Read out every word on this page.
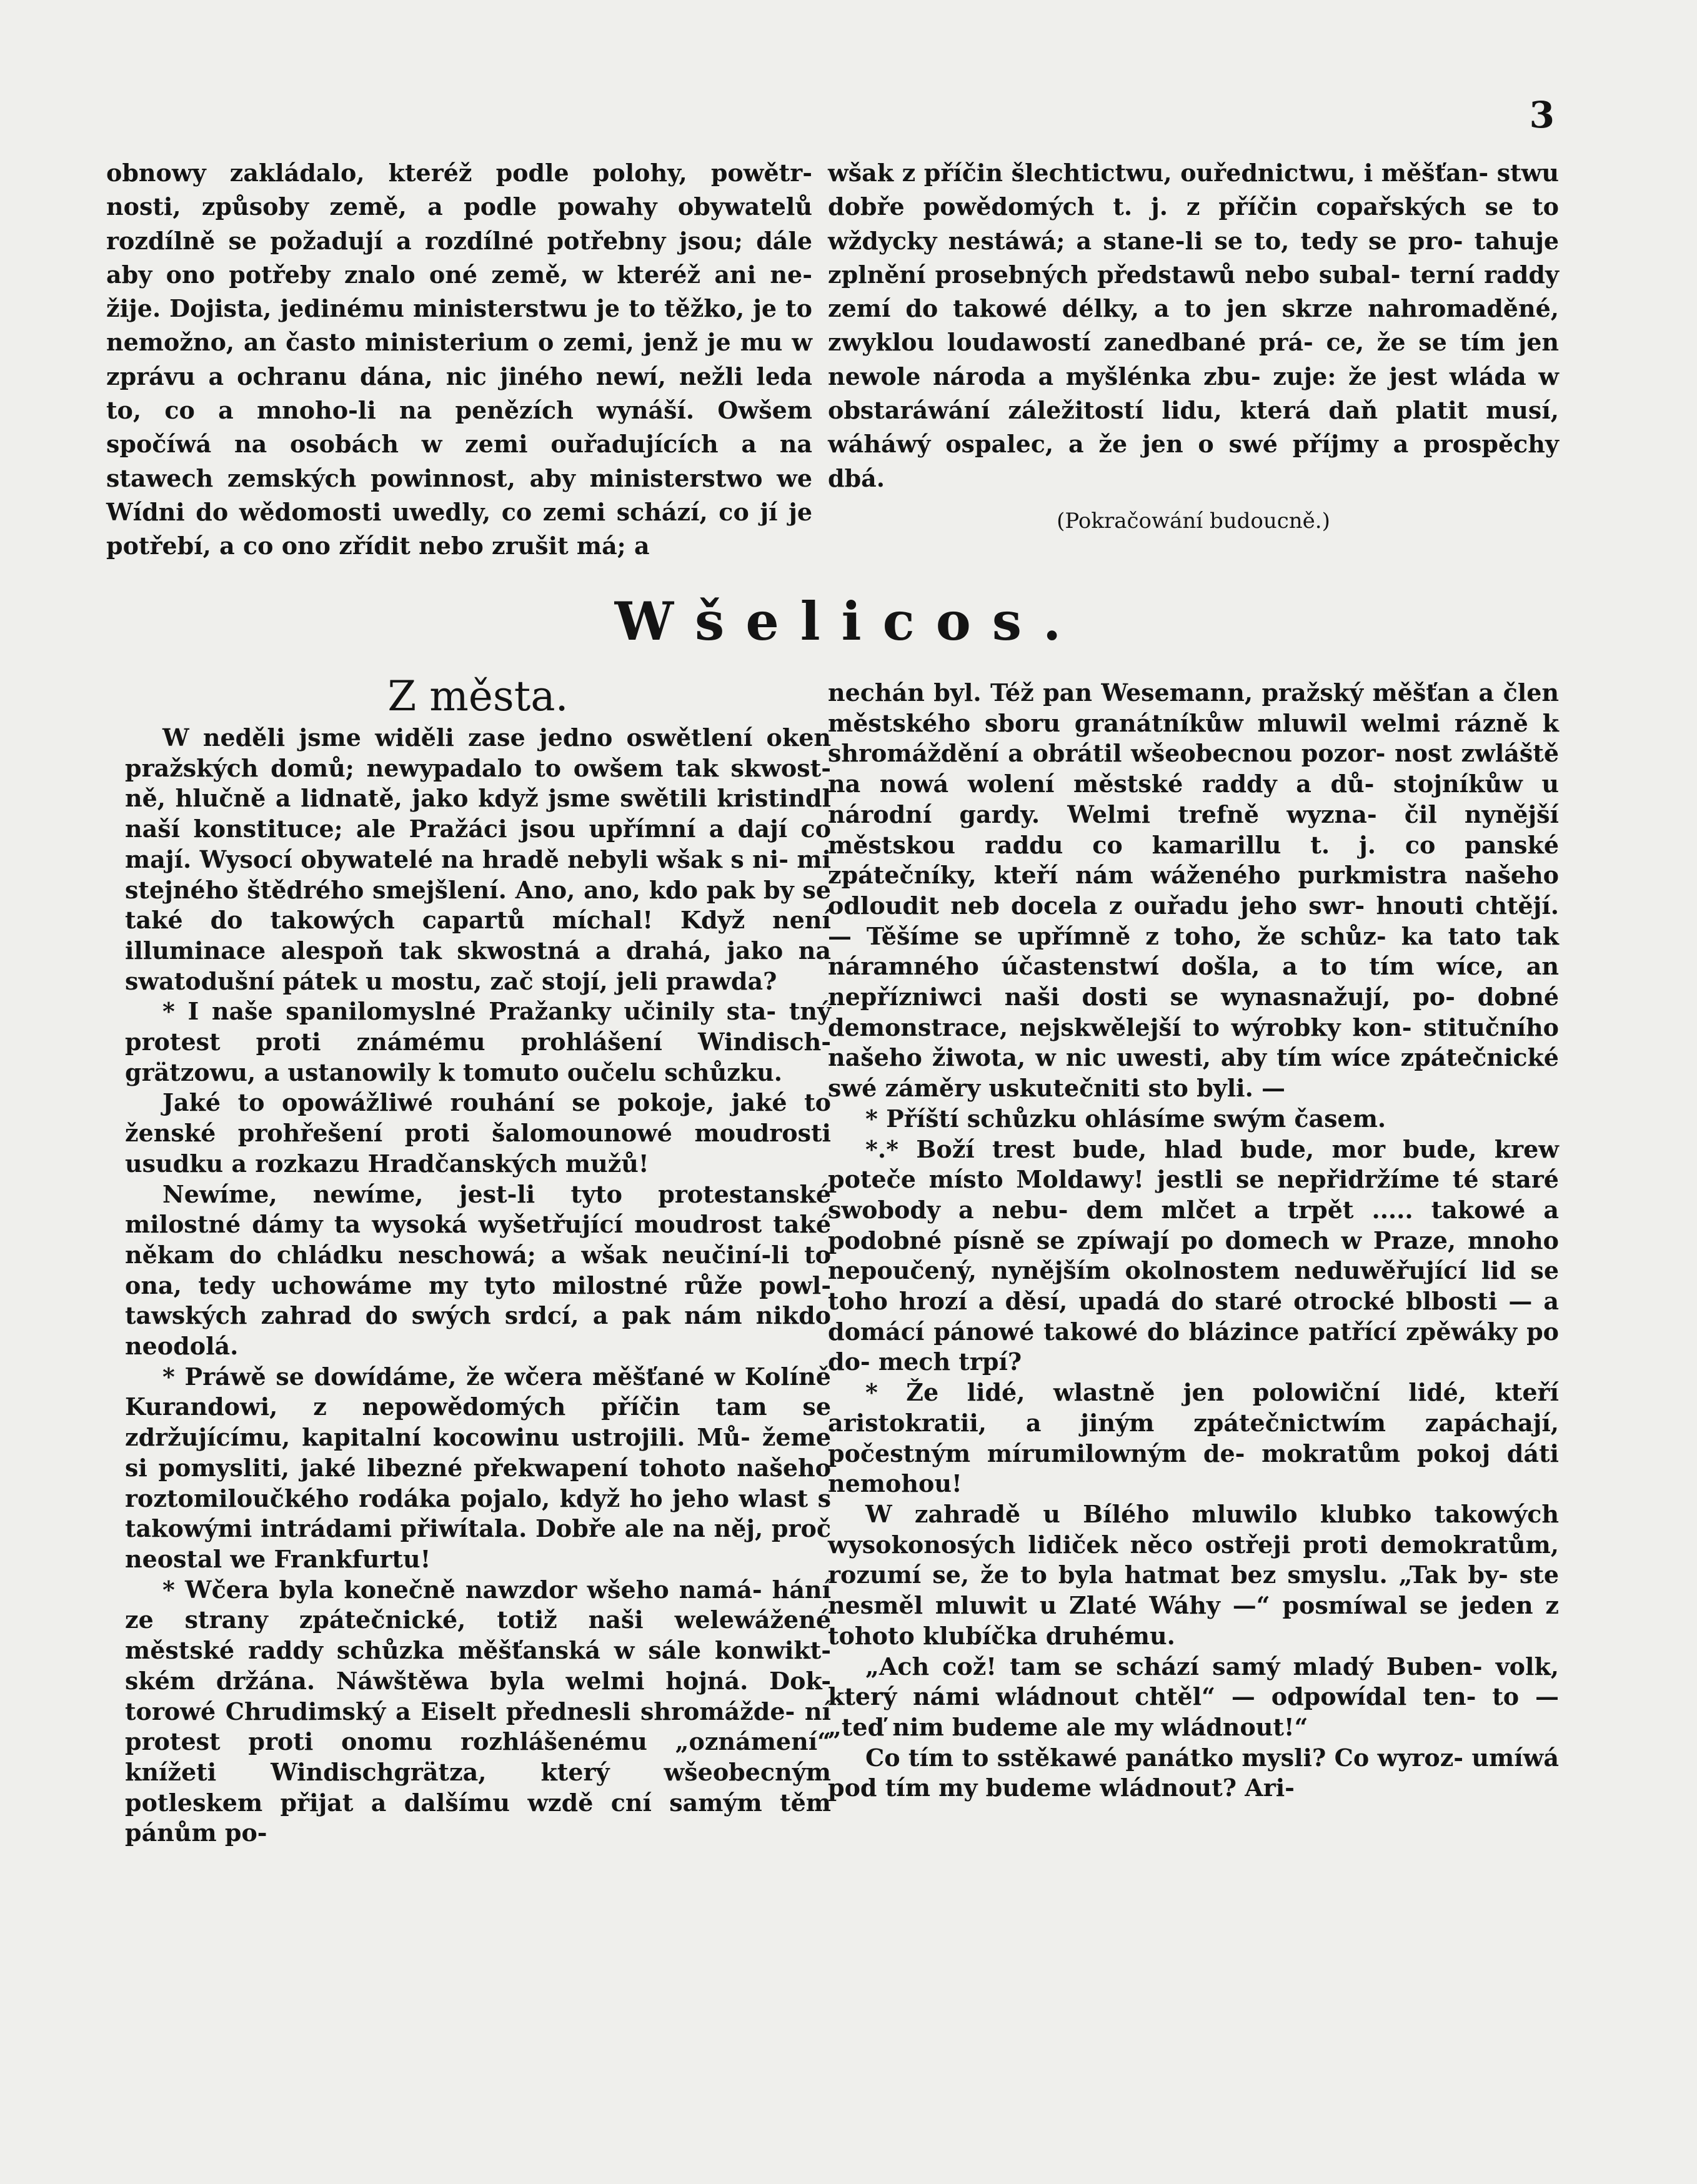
3

obnowy zakládalo, kteréž podle polohy, powětr- nosti, způsoby země, a podle powahy obywatelů rozdílně se požadují a rozdílné potřebny jsou; dále aby ono potřeby znalo oné země, w kteréž ani ne- žije. Dojista, jedinému ministerstwu je to těžko, je to nemožno, an často ministerium o zemi, jenž je mu w zprávu a ochranu dána, nic jiného newí, nežli leda to, co a mnoho-li na penězích wynáší. Owšem spočíwá na osobách w zemi ouřadujících a na stawech zemských powinnost, aby ministerstwo we Wídni do wědomosti uwedly, co zemi schází, co jí je potřebí, a co ono zřídit nebo zrušit má; a

wšak z příčin šlechtictwu, ouřednictwu, i měšťan- stwu dobře powědomých t. j. z příčin copařských se to wždycky nestáwá; a stane-li se to, tedy se pro- tahuje zplnění prosebných předstawů nebo subal- terní raddy zemí do takowé délky, a to jen skrze nahromaděné, zwyklou loudawostí zanedbané prá- ce, že se tím jen newole národa a myšlénka zbu- zuje: že jest wláda w obstaráwání záležitostí lidu, která daň platit musí, wáháwý ospalec, a že jen o swé příjmy a prospěchy dbá.

(Pokračowání budoucně.)

Wšelicos.

Z města.

W neděli jsme widěli zase jedno oswětlení oken pražských domů; newypadalo to owšem tak skwost- ně, hlučně a lidnatě, jako když jsme swětili kristindl naší konstituce; ale Pražáci jsou upřímní a dají co mají. Wysocí obywatelé na hradě nebyli wšak s ni- mi stejného štědrého smejšlení. Ano, ano, kdo pak by se také do takowých capartů míchal! Když není illuminace alespoň tak skwostná a drahá, jako na swatodušní pátek u mostu, zač stojí, jeli prawda?

* I naše spanilomyslné Pražanky učinily sta- tný protest proti známému prohlášení Windisch- grätzowu, a ustanowily k tomuto oučelu schůzku.

Jaké to opowážliwé rouhání se pokoje, jaké to ženské prohřešení proti šalomounowé moudrosti usudku a rozkazu Hradčanských mužů!

Newíme, newíme, jest-li tyto protestanské milostné dámy ta wysoká wyšetřující moudrost také někam do chládku neschowá; a wšak neučiní-li to ona, tedy uchowáme my tyto milostné růže powl- tawských zahrad do swých srdcí, a pak nám nikdo neodolá.

* Práwě se dowídáme, že wčera měšťané w Kolíně Kurandowi, z nepowědomých příčin tam se zdržujícímu, kapitalní kocowinu ustrojili. Mů- žeme si pomysliti, jaké libezné překwapení tohoto našeho roztomiloučkého rodáka pojalo, když ho jeho wlast s takowými intrádami přiwítala. Dobře ale na něj, proč neostal we Frankfurtu!

* Wčera byla konečně nawzdor wšeho namá- hání ze strany zpátečnické, totiž naši welewážené městské raddy schůzka měšťanská w sále konwikt- ském držána. Náwštěwa byla welmi hojná. Dok- torowé Chrudimský a Eiselt přednesli shromážde- ní protest proti onomu rozhlášenému „oznámení“ knížeti Windischgrätza, který wšeobecným potleskem přijat a dalšímu wzdě cní samým těm pánům po-

nechán byl. Též pan Wesemann, pražský měšťan a člen městského sboru granátníkůw mluwil welmi rázně k shromáždění a obrátil wšeobecnou pozor- nost zwláště na nowá wolení městské raddy a dů- stojníkůw u národní gardy. Welmi trefně wyzna- čil nynější městskou raddu co kamarillu t. j. co panské zpátečníky, kteří nám wáženého purkmistra našeho odloudit neb docela z ouřadu jeho swr- hnouti chtějí. — Těšíme se upřímně z toho, že schůz- ka tato tak náramného účastenstwí došla, a to tím wíce, an nepřízniwci naši dosti se wynasnažují, po- dobné demonstrace, nejskwělejší to wýrobky kon- stitučního našeho žiwota, w nic uwesti, aby tím wíce zpátečnické swé záměry uskutečniti sto byli. —

* Příští schůzku ohlásíme swým časem.

*.* Boží trest bude, hlad bude, mor bude, krew poteče místo Moldawy! jestli se nepřidržíme té staré swobody a nebu- dem mlčet a trpět ..... takowé a podobné písně se zpíwají po domech w Praze, mnoho nepoučený, nynějším okolnostem neduwěřující lid se toho hrozí a děsí, upadá do staré otrocké blbosti — a domácí pánowé takowé do blázince patřící zpěwáky po do- mech trpí?

* Že lidé, wlastně jen polowiční lidé, kteří aristokratii, a jiným zpátečnictwím zapáchají, počestným mírumilowným de- mokratům pokoj dáti nemohou!

W zahradě u Bílého mluwilo klubko takowých wysokonosých lidiček něco ostřeji proti demokratům, rozumí se, že to byla hatmat bez smyslu. „Tak by- ste nesměl mluwit u Zlaté Wáhy —“ posmíwal se jeden z tohoto klubíčka druhému.

„Ach což! tam se schází samý mladý Buben- volk, který námi wládnout chtěl“ — odpowídal ten- to — „teď nim budeme ale my wládnout!“

Co tím to sstěkawé panátko mysli? Co wyroz- umíwá pod tím my budeme wládnout? Ari-
